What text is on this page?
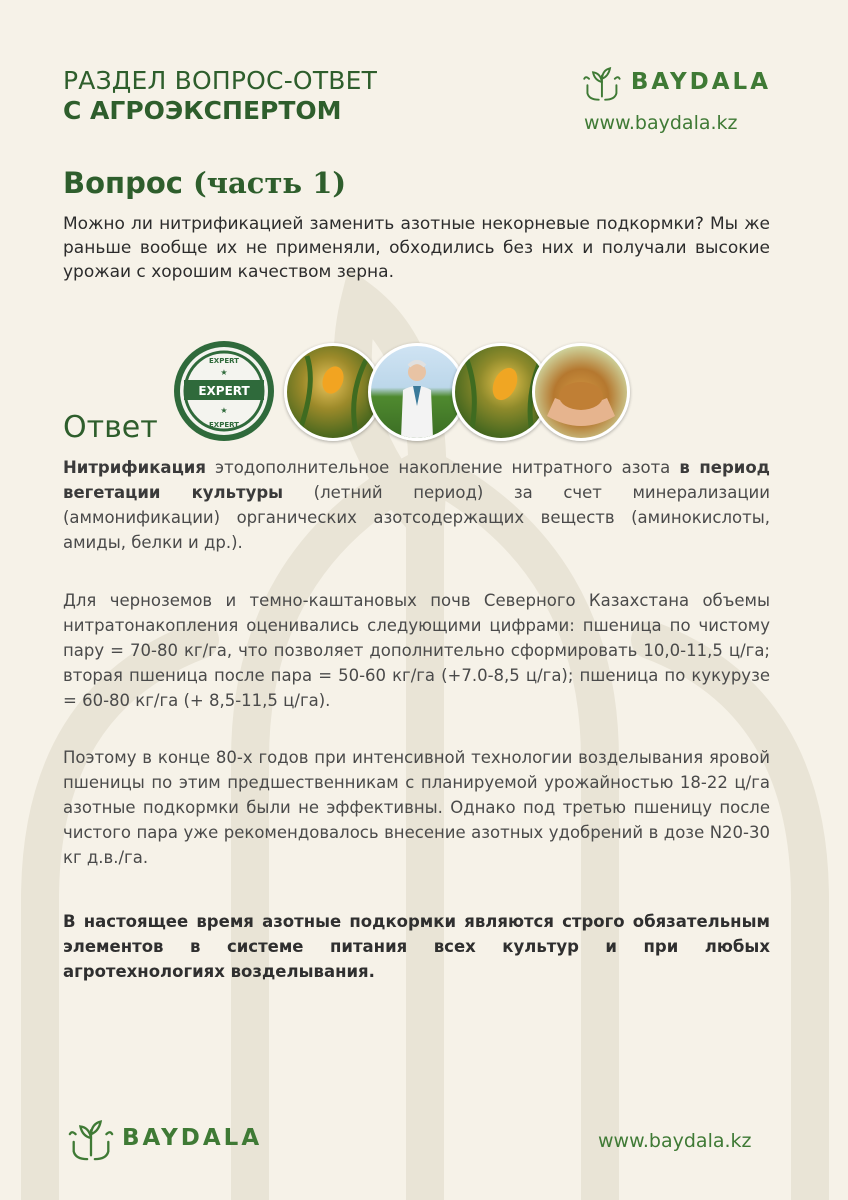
РАЗДЕЛ ВОПРОС-ОТВЕТ
С АГРОЭКСПЕРТОМ
BAYDALA
www.baydala.kz
Вопрос (часть 1)
Можно ли нитрификацией заменить азотные некорневые подкормки? Мы же раньше вообще их не применяли, обходились без них и получали высокие урожаи с хорошим качеством зерна.
EXPERT
EXPERT
EXPERT
★
★
Ответ
Нитрификация этодополнительное накопление нитратного азота в период вегетации культуры (летний период) за счет минерализации (аммонификации) органических азотсодержащих веществ (аминокислоты, амиды, белки и др.).
Для черноземов и темно-каштановых почв Северного Казахстана объемы нитратонакопления оценивались следующими цифрами: пшеница по чистому пару = 70-80 кг/га, что позволяет дополнительно сформировать 10,0-11,5 ц/га; вторая пшеница после пара = 50-60 кг/га (+7.0-8,5 ц/га); пшеница по кукурузе = 60-80 кг/га (+ 8,5-11,5 ц/га).
Поэтому в конце 80-х годов при интенсивной технологии возделывания яровой пшеницы по этим предшественникам с планируемой урожайностью 18-22 ц/га азотные подкормки были не эффективны. Однако под третью пшеницу после чистого пара уже рекомендовалось внесение азотных удобрений в дозе N20-30 кг д.в./га.
В настоящее время азотные подкормки являются строго обязательным элементов в системе питания всех культур и при любых агротехнологиях возделывания.
BAYDALA	www.baydala.kz
